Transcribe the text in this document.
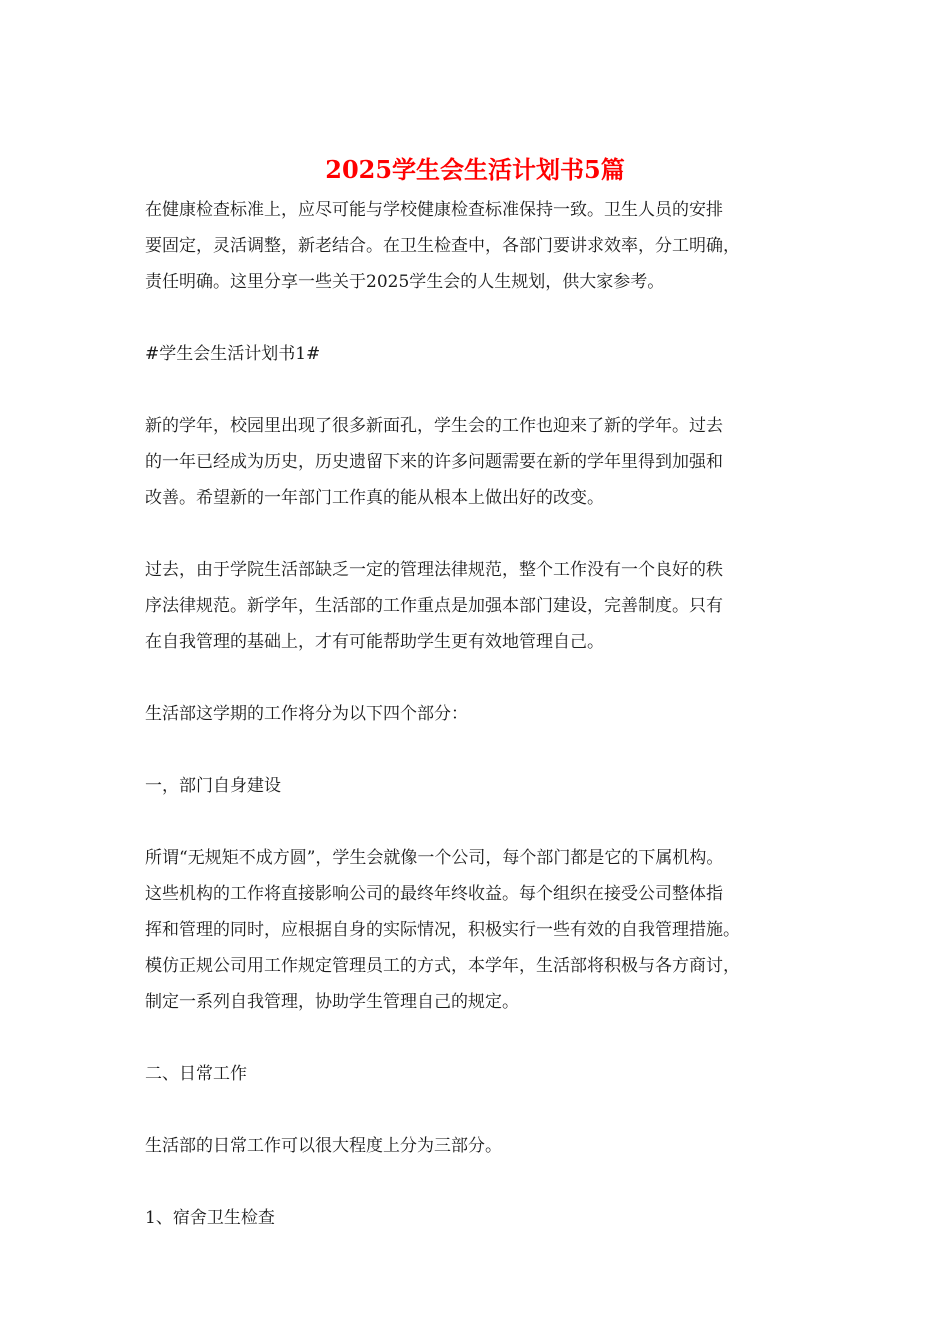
2025学生会生活计划书5篇

在健康检查标准上，应尽可能与学校健康检查标准保持一致。卫生人员的安排
要固定，灵活调整，新老结合。在卫生检查中，各部门要讲求效率，分工明确，
责任明确。这里分享一些关于2025学生会的人生规划，供大家参考。

#学生会生活计划书1#

新的学年，校园里出现了很多新面孔，学生会的工作也迎来了新的学年。过去
的一年已经成为历史，历史遗留下来的许多问题需要在新的学年里得到加强和
改善。希望新的一年部门工作真的能从根本上做出好的改变。

过去，由于学院生活部缺乏一定的管理法律规范，整个工作没有一个良好的秩
序法律规范。新学年，生活部的工作重点是加强本部门建设，完善制度。只有
在自我管理的基础上，才有可能帮助学生更有效地管理自己。

生活部这学期的工作将分为以下四个部分：

一，部门自身建设

所谓“无规矩不成方圆”，学生会就像一个公司，每个部门都是它的下属机构。
这些机构的工作将直接影响公司的最终年终收益。每个组织在接受公司整体指
挥和管理的同时，应根据自身的实际情况，积极实行一些有效的自我管理措施。
模仿正规公司用工作规定管理员工的方式，本学年，生活部将积极与各方商讨，
制定一系列自我管理，协助学生管理自己的规定。

二、日常工作

生活部的日常工作可以很大程度上分为三部分。

1、宿舍卫生检查
